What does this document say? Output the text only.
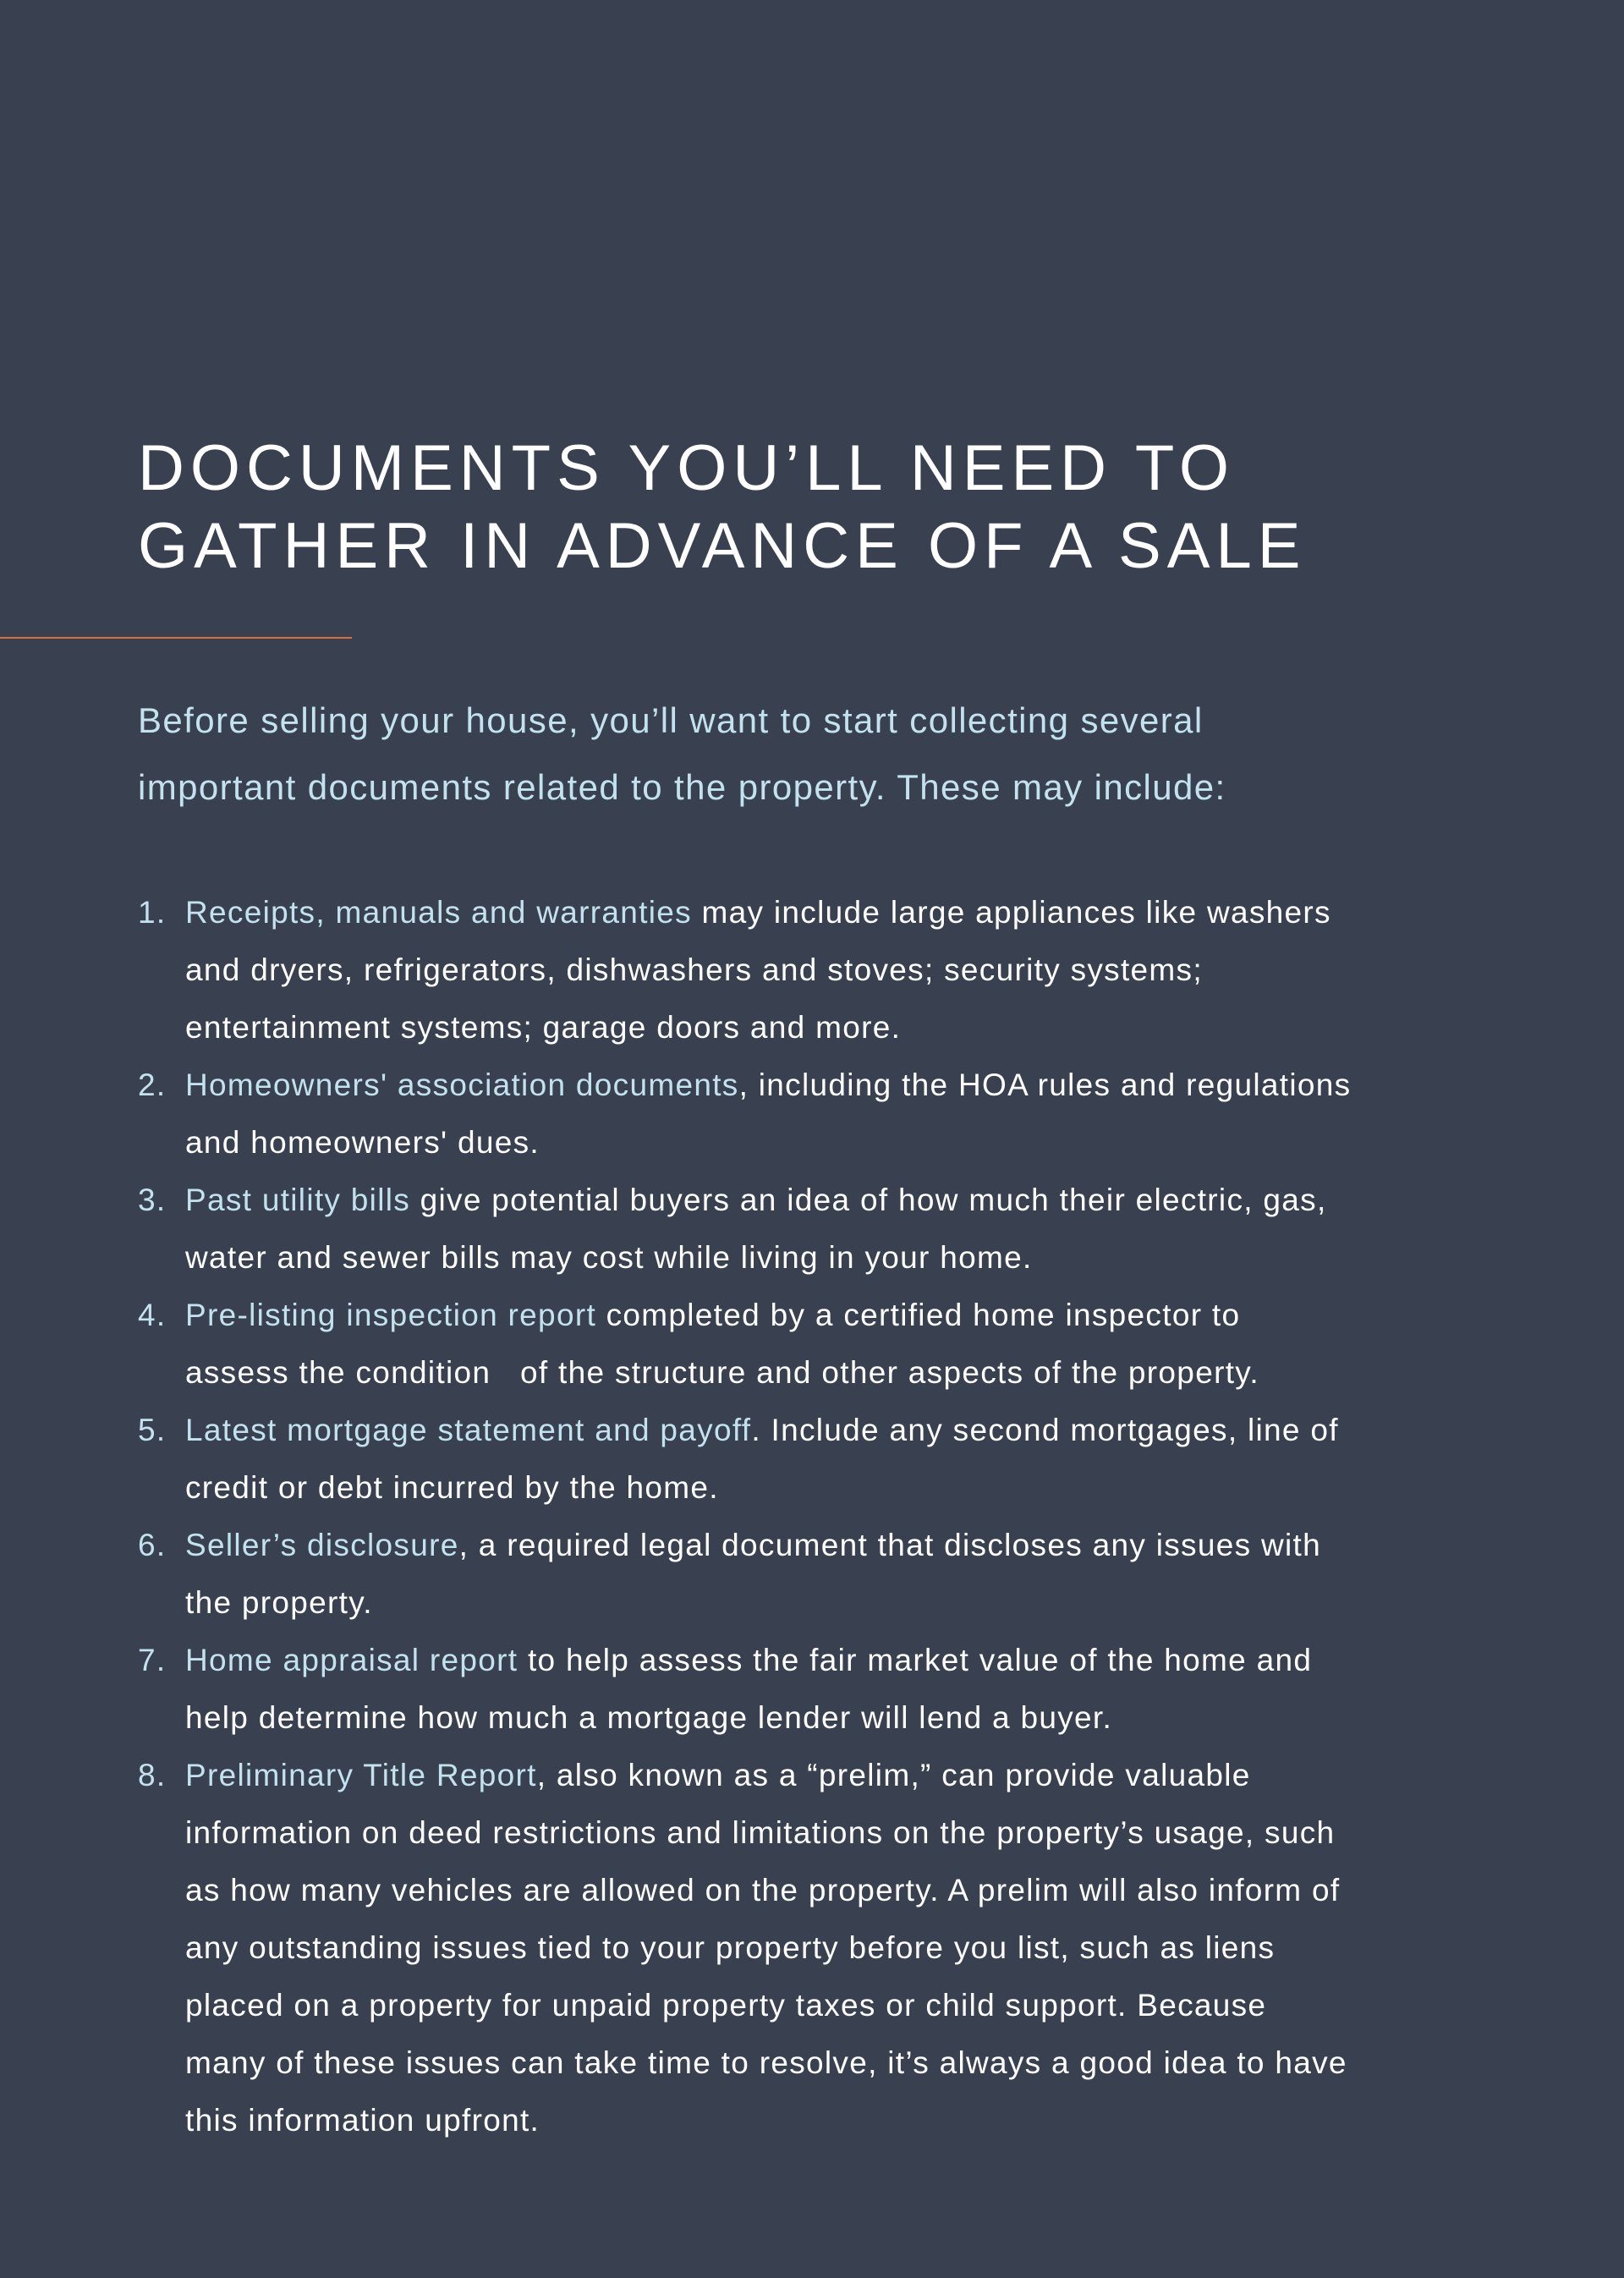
DOCUMENTS YOU’LL NEED TO
GATHER IN ADVANCE OF A SALE

Before selling your house, you’ll want to start collecting several
important documents related to the property. These may include:

1. Receipts, manuals and warranties may include large appliances like washers
and dryers, refrigerators, dishwashers and stoves; security systems;
entertainment systems; garage doors and more.
2. Homeowners' association documents, including the HOA rules and regulations
and homeowners' dues.
3. Past utility bills give potential buyers an idea of how much their electric, gas,
water and sewer bills may cost while living in your home.
4. Pre-listing inspection report completed by a certified home inspector to
assess the condition   of the structure and other aspects of the property.
5. Latest mortgage statement and payoff. Include any second mortgages, line of
credit or debt incurred by the home.
6. Seller’s disclosure, a required legal document that discloses any issues with
the property.
7. Home appraisal report to help assess the fair market value of the home and
help determine how much a mortgage lender will lend a buyer.
8. Preliminary Title Report, also known as a “prelim,” can provide valuable
information on deed restrictions and limitations on the property’s usage, such
as how many vehicles are allowed on the property. A prelim will also inform of
any outstanding issues tied to your property before you list, such as liens
placed on a property for unpaid property taxes or child support. Because
many of these issues can take time to resolve, it’s always a good idea to have
this information upfront.
